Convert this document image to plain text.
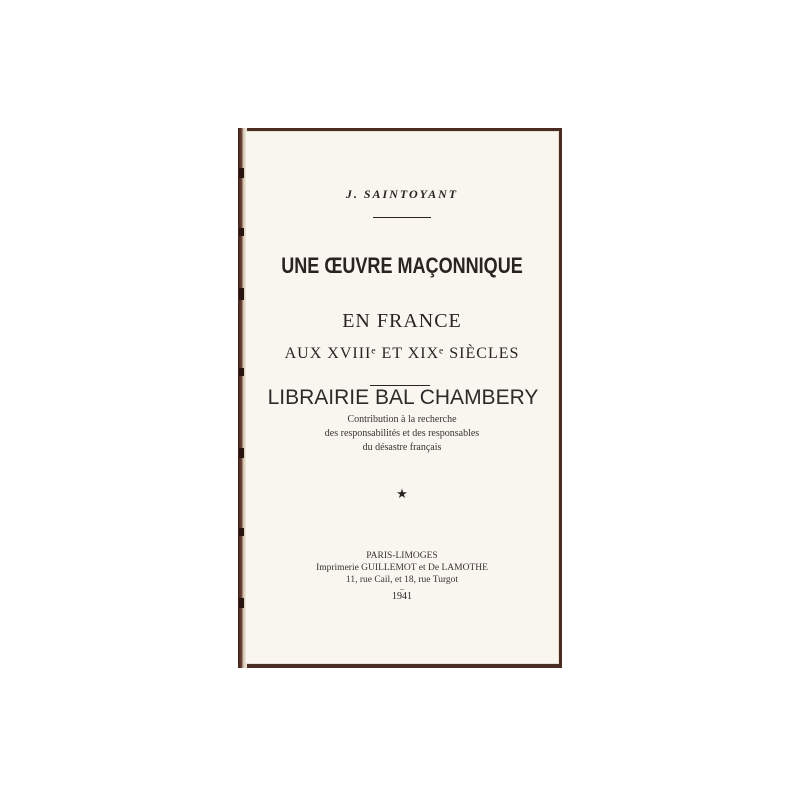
J. SAINTOYANT
UNE ŒUVRE MAÇONNIQUE
EN FRANCE
AUX XVIIIᵉ ET XIXᵉ SIÈCLES
Contribution à la recherche
des responsabilités et des responsables
du désastre français
★
PARIS-LIMOGES
Imprimerie GUILLEMOT et De LAMOTHE
11, rue Cail, et 18, rue Turgot
–
1941
LIBRAIRIE BAL CHAMBERY
